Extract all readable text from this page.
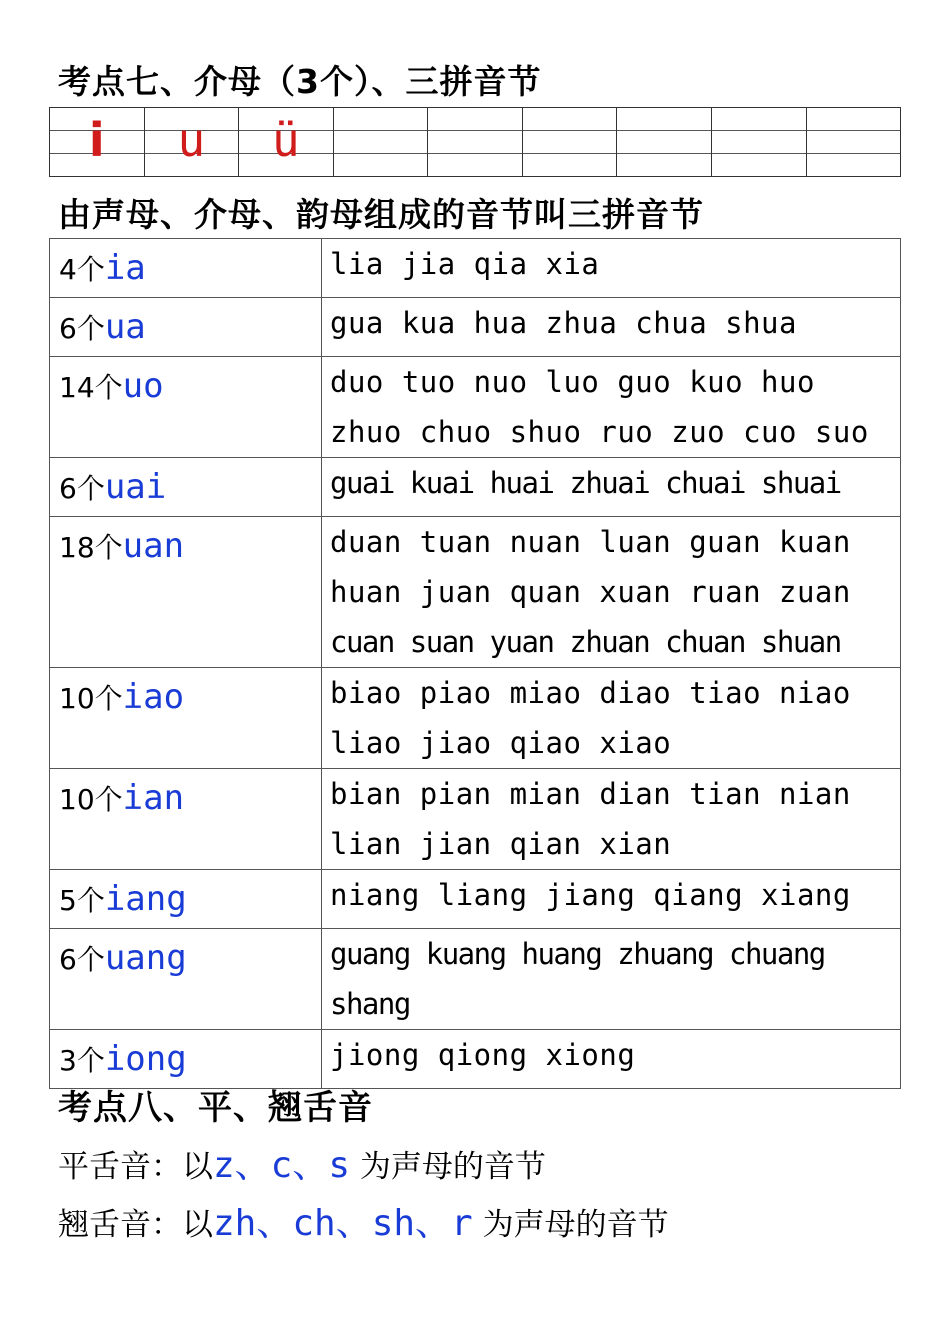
考点七、介母（3个）、三拼音节
i	u	ü
由声母、介母、韵母组成的音节叫三拼音节
4个ia	lia jia qia xia

6个ua	gua kua hua zhua chua shua

14个uo	duo tuo nuo luo guo kuo huo
zhuo chuo shuo ruo zuo cuo suo

6个uai	guai kuai huai zhuai chuai shuai

18个uan	duan tuan nuan luan guan kuan
huan juan quan xuan ruan zuan
cuan suan yuan zhuan chuan shuan

10个iao	biao piao miao diao tiao niao
liao jiao qiao xiao

10个ian	bian pian mian dian tian nian
lian jian qian xian

5个iang	niang liang jiang qiang xiang

6个uang	guang kuang huang zhuang chuang
shang

3个iong	jiong qiong xiong
考点八、平、翘舌音
平舌音：以z、c、s 为声母的音节
翘舌音：以zh、ch、sh、r 为声母的音节
